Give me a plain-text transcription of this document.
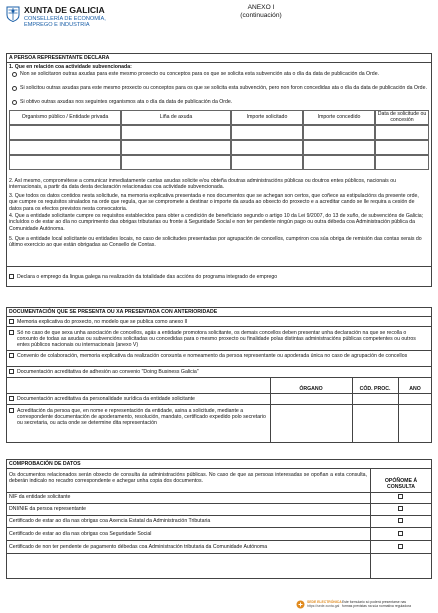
XUNTA DE GALICIA
CONSELLERÍA DE ECONOMÍA,
EMPREGO E INDUSTRIA
ANEXO I
(continuación)
A PERSOA REPRESENTANTE DECLARA
1. Que en relación coa actividade subvencionada:
Non se solicitaron outras axudas para este mesmo proxecto ou conceptos para os que se solicita esta subvención ata o día da data de publicación da Orde.
Si solicitou outras axudas para este mesmo proxecto ou conceptos para os que se solicita esta subvención, pero non foron concedidas ata o día da data de publicación da Orde.
Si obtivo outras axudas nos seguintes organismos ata o día da data de publicación da Orde.
Organismo público / Entidade privada	Liña de axuda	Importe solicitado	Importe concedido	Data de solicitude ou concesión
2. Así mesmo, comprométese a comunicar inmediatamente cantas axudas solicite e/ou obteña doutras administracións públicas ou doutros entes públicos, nacionais ou internacionais, a partir da data desta declaración relacionadas coa actividade subvencionada.
3. Que todos os datos contidos nesta solicitude, na memoria explicativa presentada e nos documentos que se achegan son certos, que coñece as estipulacións da presente orde, que cumpre os requisitos sinalados na orde que regula, que se compromete a destinar o importe da axuda ao obxecto do proxecto e a acreditar cando se lle requira a cesión de datos para os efectos previstos nesta convocatoria.
4. Que a entidade solicitante cumpre os requisitos establecidos para obter a condición de beneficiario segundo o artigo 10 da Lei 9/2007, do 13 de xuño, de subvencións de Galicia; incluídos o de estar ao día no cumprimento das obrigas tributarias ou fronte á Seguridade Social e non ter pendente ningún pago ou outra débeda coa Administración pública da Comunidade Autónoma.
5. Que a entidade local solicitante ou entidades locais, no caso de solicitudes presentadas por agrupación de concellos, cumpriron coa súa obriga de remisión das contas xerais do último exercicio ao que están obrigadas ao Consello de Contas.
Declara o emprego da lingua galega na realización da totalidade das accións do programa integrado de emprego
DOCUMENTACIÓN QUE SE PRESENTA OU XA PRESENTADA CON ANTERIORIDADE
Memoria explicativa do proxecto, no modelo que se publica como anexo II
Só no caso de que sexa unha asociación de concellos, agás a entidade promotora solicitante, os demais concellos deben presentar unha declaración na que se recolla o conxunto de todas as axudas ou subvencións solicitadas ou concedidas para o mesmo proxecto ou finalidade polas distintas administracións públicas competentes ou outros entes públicos nacionais ou internacionais (anexo V)
Convenio de colaboración, memoria explicativa da realización conxunta e nomeamento da persoa representante ou apoderada única no caso de agrupación de concellos
Documentación acreditativa de adhesión ao convenio "Doing Business Galicia"
ÓRGANO	CÓD. PROC.	ANO
Documentación acreditativa da personalidade xurídica da entidade solicitante
Acreditación da persoa que, en nome e representación da entidade, asina a solicitude, mediante a correspondente documentación de apoderamento, resolución, mandato, certificado expedido polo secretario ou secretaria, ou acta onde se determine dita representación
COMPROBACIÓN DE DATOS
Os documentos relacionados serán obxecto de consulta ás administracións públicas. No caso de que as persoas interesadas se opoñan a esta consulta, deberán indicalo no recadro correspondente e achegar unha copia dos documentos.	OPÓÑOME Á
CONSULTA
NIF da entidade solicitante
DNI/NIE da persoa representante
Certificado de estar ao día nas obrigas coa Axencia Estatal da Administración Tributaria
Certificado de estar ao día nas obrigas coa Seguridade Social
Certificado de non ter pendente de pagamento débedas coa Administración tributaria da Comunidade Autónoma
SEDE ELECTRÓNICA
https://sede.xunta.gal
Este formulario só poderá presentarse nas
formas previstas na súa normativa reguladora
